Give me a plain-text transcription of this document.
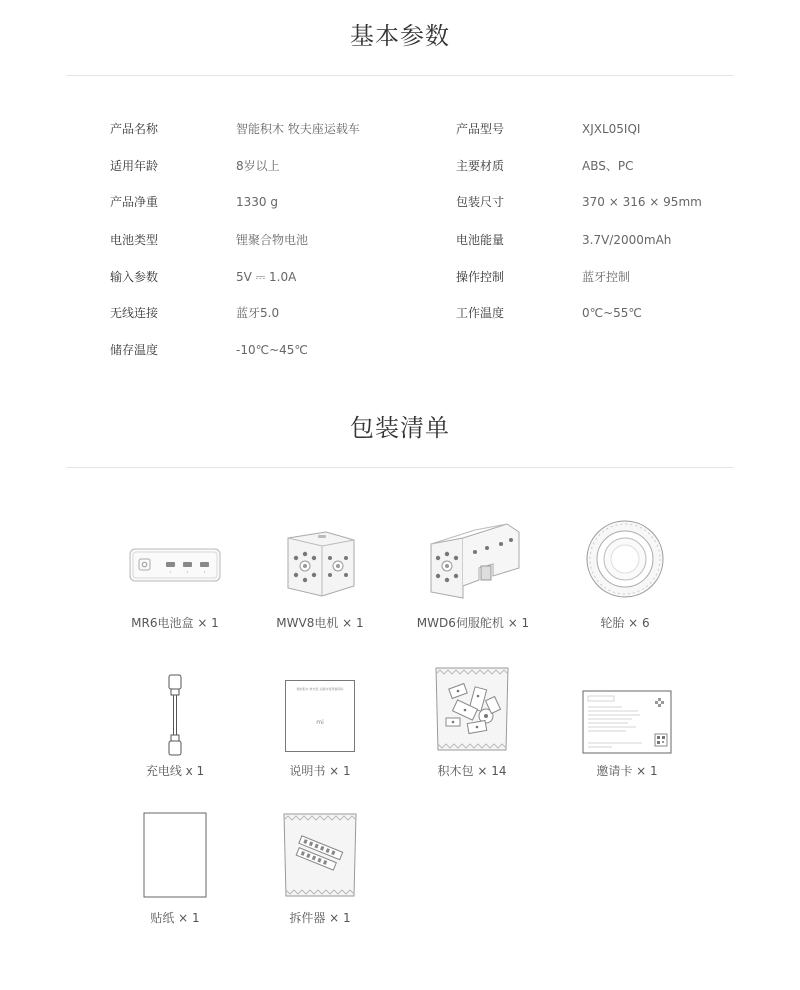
基本参数
产品名称	智能积木 牧夫座运载车	产品型号	XJXL05IQI
适用年龄	8岁以上	主要材质	ABS、PC
产品净重	1330 g	包装尺寸	370 × 316 × 95mm
电池类型	锂聚合物电池	电池能量	3.7V/2000mAh
输入参数	5V ⎓ 1.0A	操作控制	蓝牙控制
无线连接	蓝牙5.0	工作温度	0℃~55℃
储存温度	-10℃~45℃
包装清单
1	2	3
MR6电池盒 × 1	MWV8电机 × 1	MWD6伺服舵机 × 1	轮胎 × 6
充电线 x 1
智能积木 牧夫座 运载车使用说明书
mi
说明书 × 1	积木包 × 14	邀请卡 × 1
贴纸 × 1	拆件器 × 1
